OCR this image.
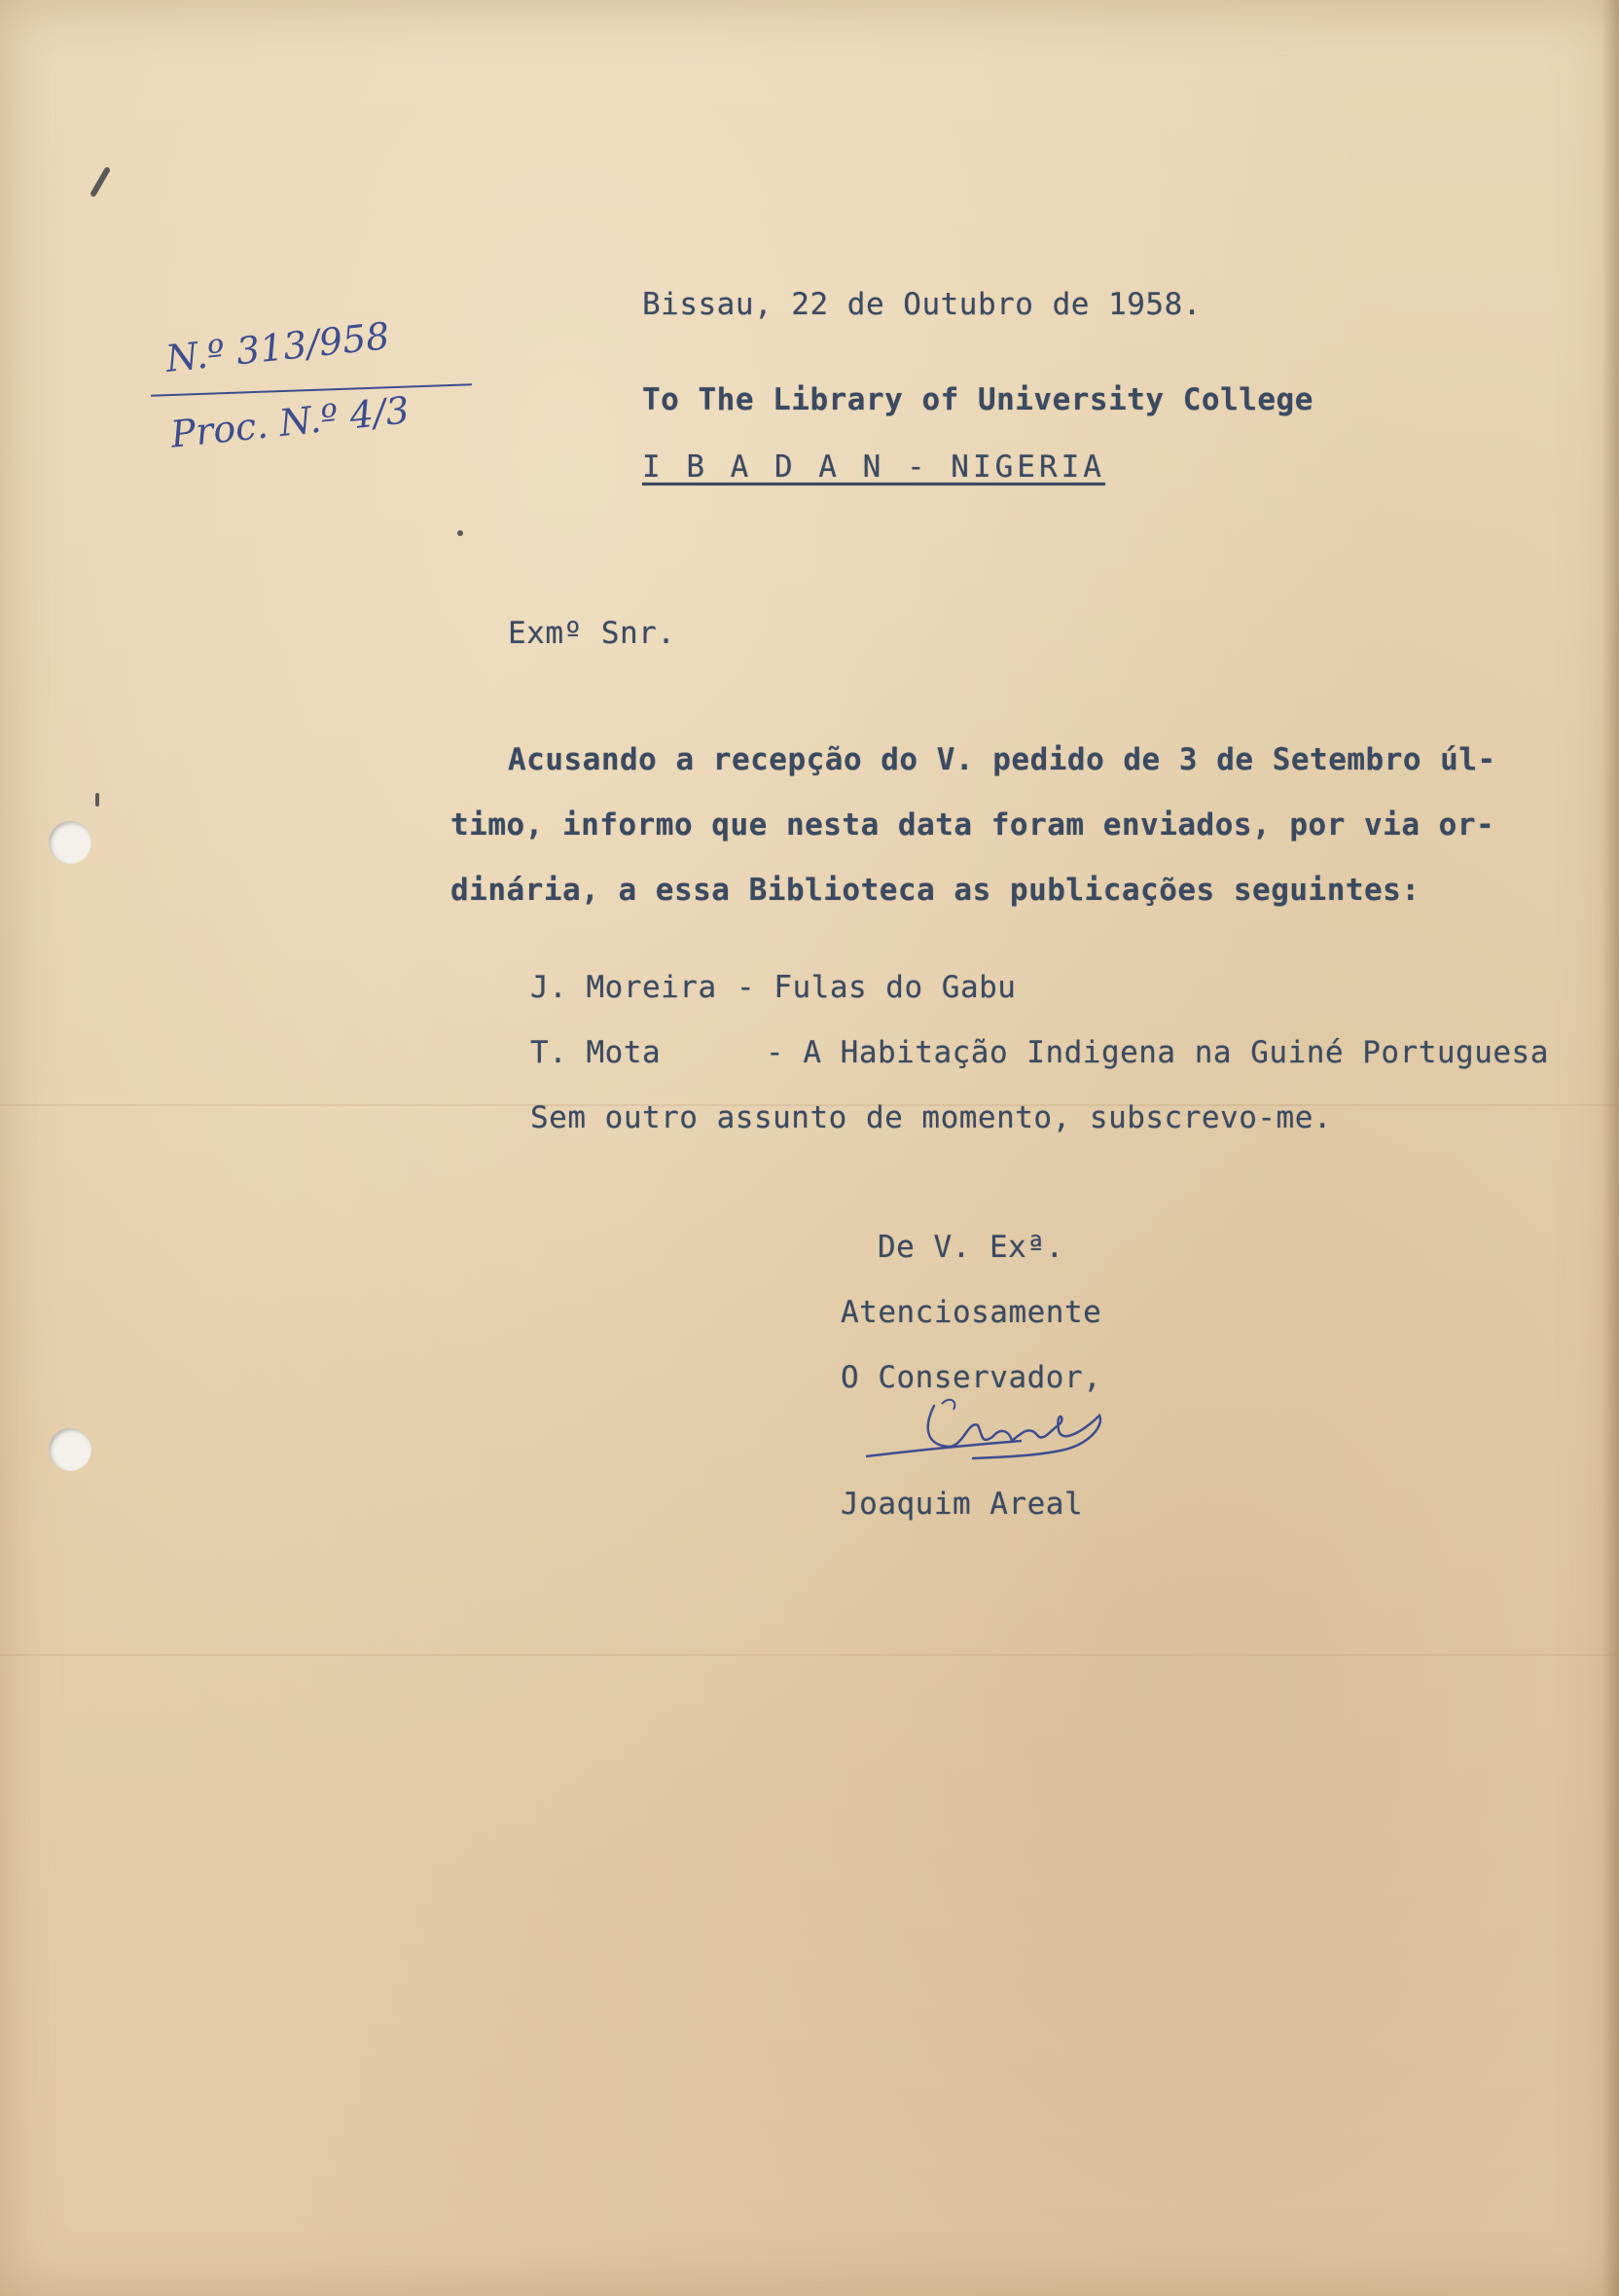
N.º 313/958
Proc. N.º 4/3
Bissau, 22 de Outubro de 1958.
To The Library of University College
I B A D A N - NIGERIA
Exmº Snr.
Acusando a recepção do V. pedido de 3 de Setembro úl-
timo, informo que nesta data foram enviados, por via or-
dinária, a essa Biblioteca as publicações seguintes:
J. Moreira - Fulas do Gabu
T. Mota	- A Habitação Indigena na Guiné Portuguesa
Sem outro assunto de momento, subscrevo-me.
De V. Exª.
Atenciosamente
O Conservador,
Joaquim Areal
